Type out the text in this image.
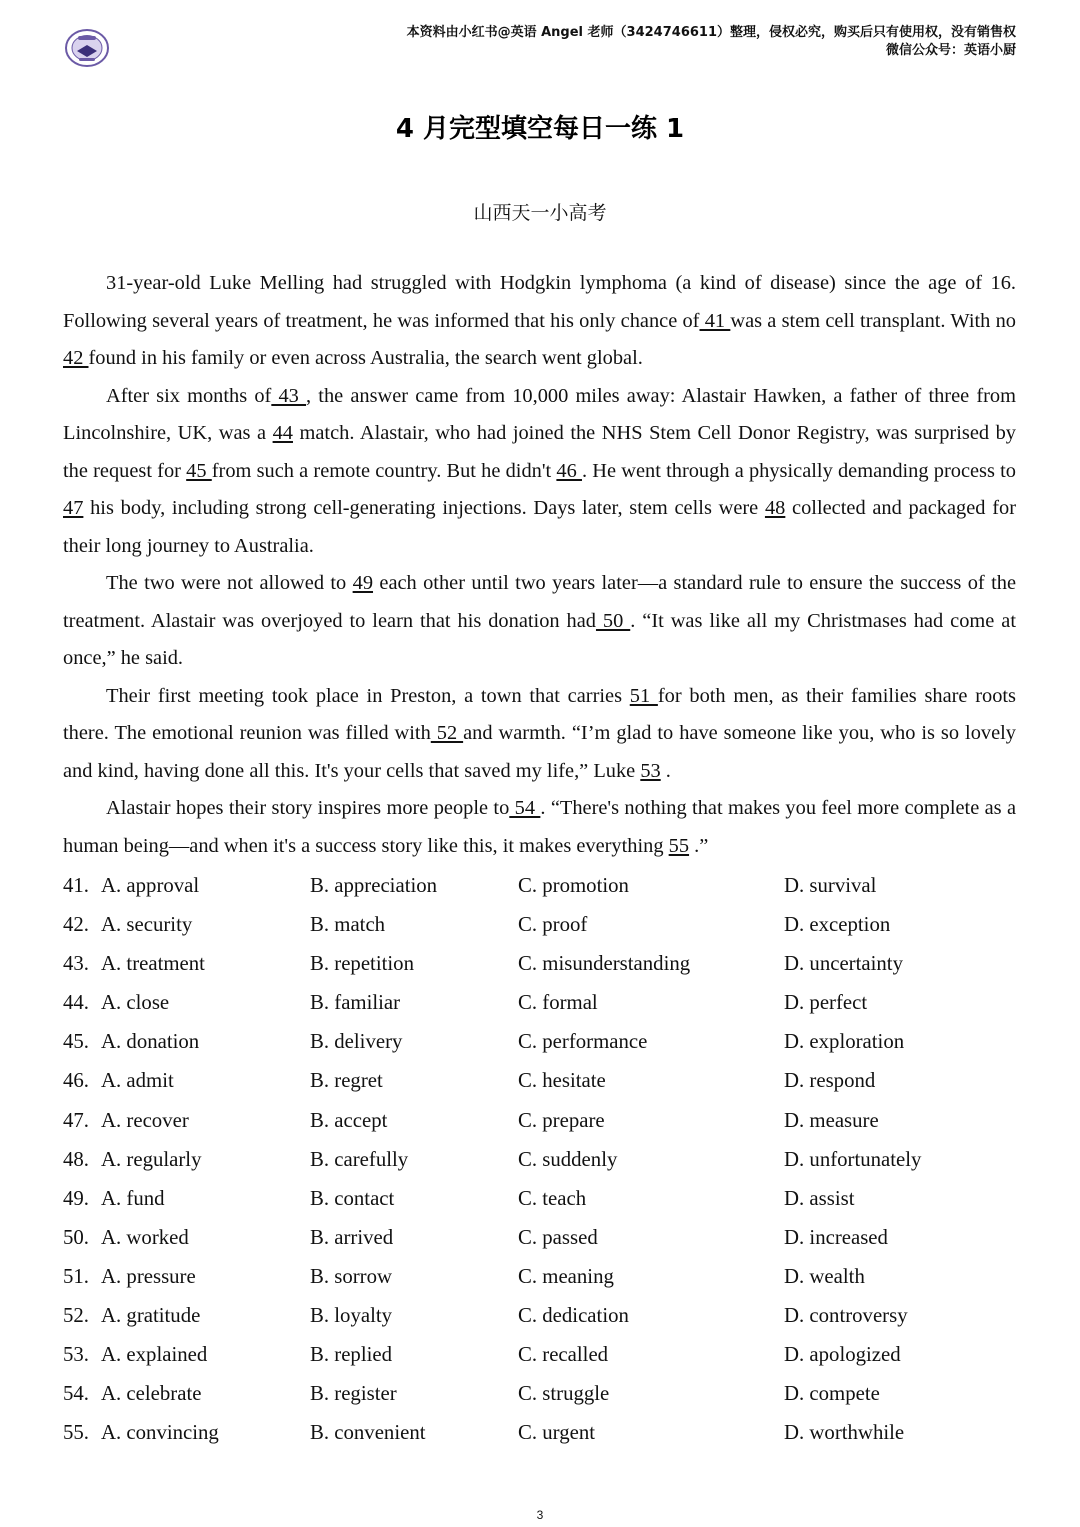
本资料由小红书@英语 Angel 老师（3424746611）整理，侵权必究，购买后只有使用权，没有销售权
微信公众号：英语小厨
4 月完型填空每日一练 1
山西天一小高考

31-year-old Luke Melling had struggled with Hodgkin lymphoma (a kind of disease) since the age of 16. Following several years of treatment, he was informed that his only chance of 41 was a stem cell transplant. With no 42 found in his family or even across Australia, the search went global.

After six months of 43 , the answer came from 10,000 miles away: Alastair Hawken, a father of three from Lincolnshire, UK, was a 44 match. Alastair, who had joined the NHS Stem Cell Donor Registry, was surprised by the request for 45 from such a remote country. But he didn't 46 . He went through a physically demanding process to 47 his body, including strong cell-generating injections. Days later, stem cells were 48 collected and packaged for their long journey to Australia.

The two were not allowed to 49 each other until two years later—a standard rule to ensure the success of the treatment. Alastair was overjoyed to learn that his donation had 50 . “It was like all my Christmases had come at once,” he said.

Their first meeting took place in Preston, a town that carries 51 for both men, as their families share roots there. The emotional reunion was filled with 52 and warmth. “I’m glad to have someone like you, who is so lovely and kind, having done all this. It's your cells that saved my life,” Luke 53 .

Alastair hopes their story inspires more people to 54 . “There's nothing that makes you feel more complete as a human being—and when it's a success story like this, it makes everything 55 .”

41. A. approval	B. appreciation	C. promotion	D. survival
42. A. security	B. match	C. proof	D. exception
43. A. treatment	B. repetition	C. misunderstanding	D. uncertainty
44. A. close	B. familiar	C. formal	D. perfect
45. A. donation	B. delivery	C. performance	D. exploration
46. A. admit	B. regret	C. hesitate	D. respond
47. A. recover	B. accept	C. prepare	D. measure
48. A. regularly	B. carefully	C. suddenly	D. unfortunately
49. A. fund	B. contact	C. teach	D. assist
50. A. worked	B. arrived	C. passed	D. increased
51. A. pressure	B. sorrow	C. meaning	D. wealth
52. A. gratitude	B. loyalty	C. dedication	D. controversy
53. A. explained	B. replied	C. recalled	D. apologized
54. A. celebrate	B. register	C. struggle	D. compete
55. A. convincing	B. convenient	C. urgent	D. worthwhile
3
